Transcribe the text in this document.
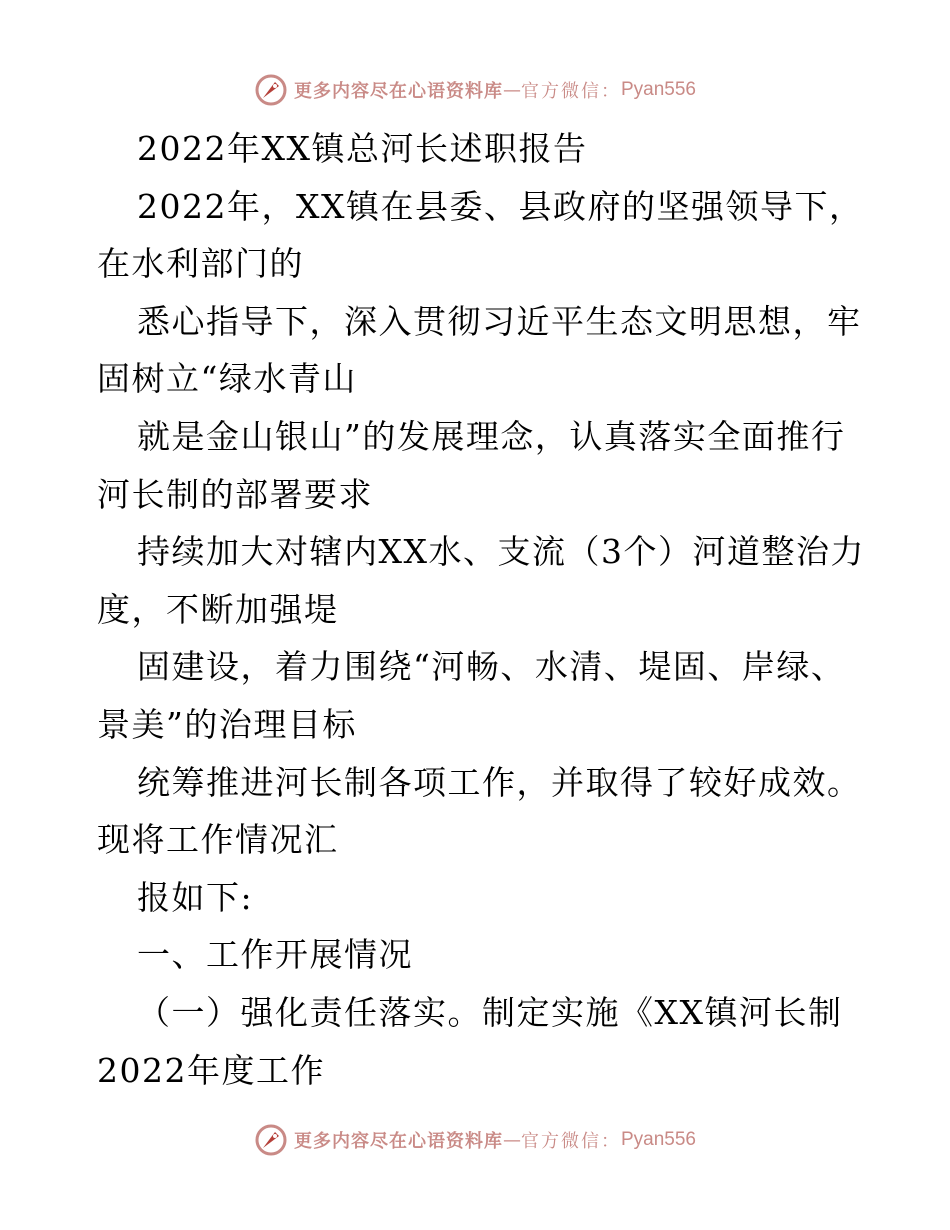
更多内容尽在心语资料库 — 官方微信： Pyan556
2022年XX镇总河长述职报告
2022年，XX镇在县委、县政府的坚强领导下，
在水利部门的
悉心指导下，深入贯彻习近平生态文明思想，牢
固树立“绿水青山
就是金山银山”的发展理念，认真落实全面推行
河长制的部署要求
持续加大对辖内XX水、支流（3个）河道整治力
度，不断加强堤
固建设，着力围绕“河畅、水清、堤固、岸绿、
景美”的治理目标
统筹推进河长制各项工作，并取得了较好成效。
现将工作情况汇
报如下:
一、工作开展情况
（一）强化责任落实。制定实施《XX镇河长制
2022年度工作
更多内容尽在心语资料库 — 官方微信： Pyan556
